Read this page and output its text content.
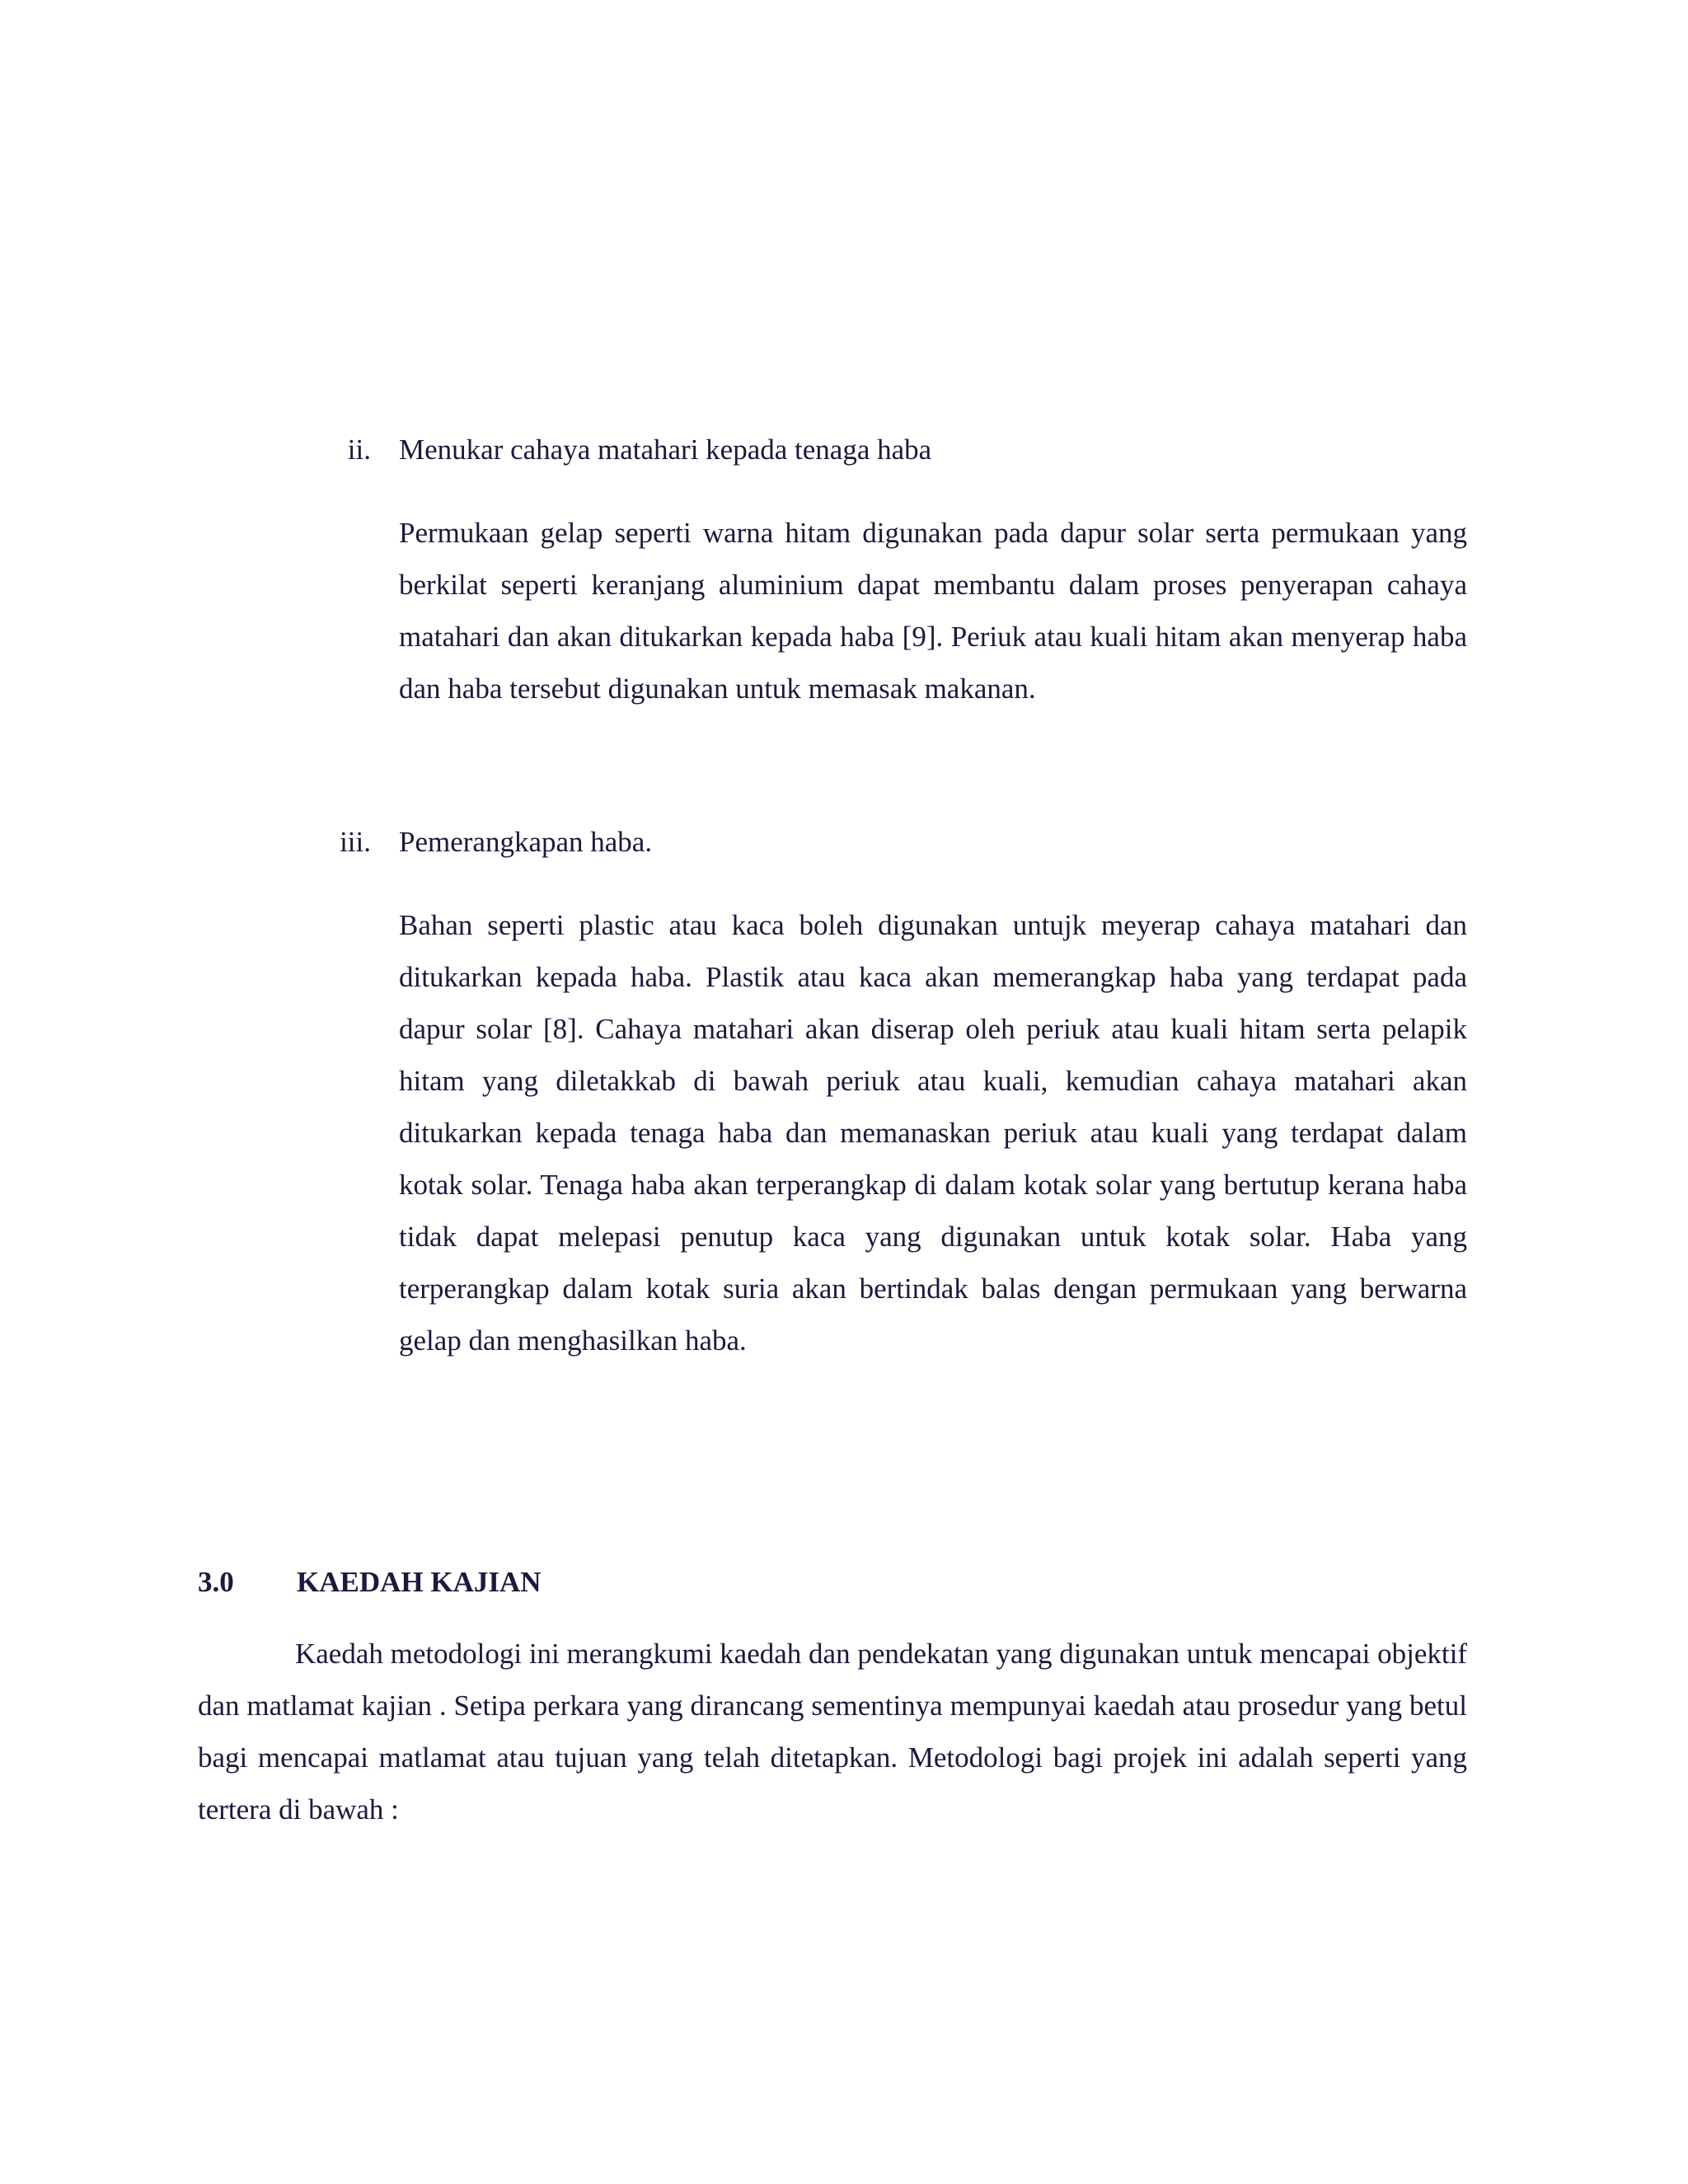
ii. Menukar cahaya matahari kepada tenaga haba
Permukaan gelap seperti warna hitam digunakan pada dapur solar serta permukaan yang berkilat seperti keranjang aluminium dapat membantu dalam proses penyerapan cahaya matahari dan akan ditukarkan kepada haba [9]. Periuk atau kuali hitam akan menyerap haba dan haba tersebut digunakan untuk memasak makanan.
iii. Pemerangkapan haba.
Bahan seperti plastic atau kaca boleh digunakan untujk meyerap cahaya matahari dan ditukarkan kepada haba. Plastik atau kaca akan memerangkap haba yang terdapat pada dapur solar [8]. Cahaya matahari akan diserap oleh periuk atau kuali hitam serta pelapik hitam yang diletakkab di bawah periuk atau kuali, kemudian cahaya matahari akan ditukarkan kepada tenaga haba dan memanaskan periuk atau kuali yang terdapat dalam kotak solar. Tenaga haba akan terperangkap di dalam kotak solar yang bertutup kerana haba tidak dapat melepasi penutup kaca yang digunakan untuk kotak solar. Haba yang terperangkap dalam kotak suria akan bertindak balas dengan permukaan yang berwarna gelap dan menghasilkan haba.
3.0 KAEDAH KAJIAN
Kaedah metodologi ini merangkumi kaedah dan pendekatan yang digunakan untuk mencapai objektif dan matlamat kajian . Setipa perkara yang dirancang sementinya mempunyai kaedah atau prosedur yang betul bagi mencapai matlamat atau tujuan yang telah ditetapkan. Metodologi bagi projek ini adalah seperti yang tertera di bawah :
